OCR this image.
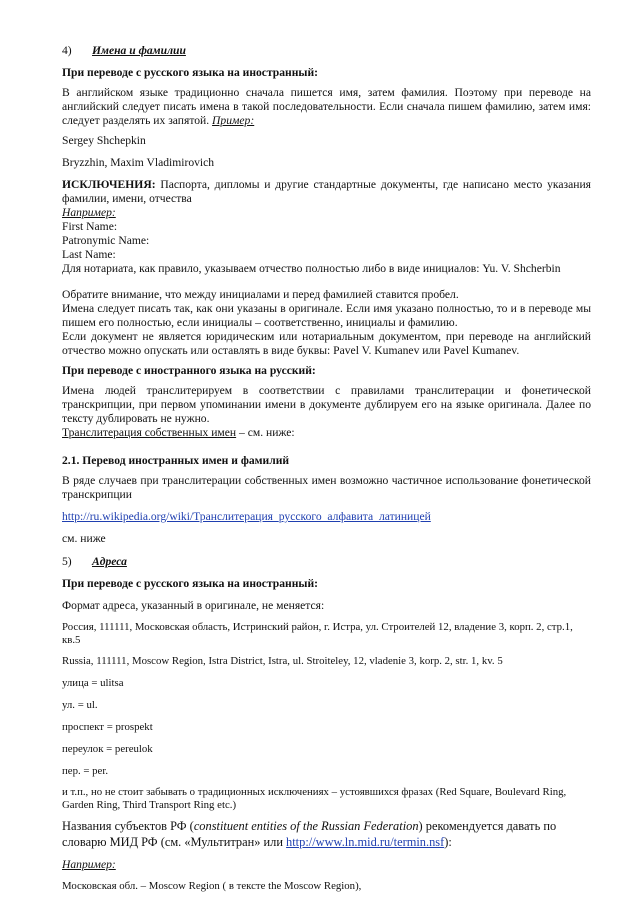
4) Имена и фамилии

При переводе с русского языка на иностранный:

В английском языке традиционно сначала пишется имя, затем фамилия. Поэтому при переводе на английский следует писать имена в такой последовательности. Если сначала пишем фамилию, затем имя: следует разделять их запятой. Пример:

Sergey Shchepkin

Bryzzhin, Maxim Vladimirovich

ИСКЛЮЧЕНИЯ: Паспорта, дипломы и другие стандартные документы, где написано место указания фамилии, имени, отчества

Например:

First Name:

Patronymic Name:

Last Name:

Для нотариата, как правило, указываем отчество полностью либо в виде инициалов: Yu. V. Shcherbin

Обратите внимание, что между инициалами и перед фамилией ставится пробел.

Имена следует писать так, как они указаны в оригинале. Если имя указано полностью, то и в переводе мы пишем его полностью, если инициалы – соответственно, инициалы и фамилию.

Если документ не является юридическим или нотариальным документом, при переводе на английский отчество можно опускать или оставлять в виде буквы: Pavel V. Kumanev или Pavel Kumanev.

При переводе с иностранного языка на русский:

Имена людей транслитерируем в соответствии с правилами транслитерации и фонетической транскрипции, при первом упоминании имени в документе дублируем его на языке оригинала. Далее по тексту дублировать не нужно.

Транслитерация собственных имен – см. ниже:

2.1. Перевод иностранных имен и фамилий

В ряде случаев при транслитерации собственных имен возможно частичное использование фонетической транскрипции

http://ru.wikipedia.org/wiki/Транслитерация_русского_алфавита_латиницей

см. ниже

5) Адреса

При переводе с русского языка на иностранный:

Формат адреса, указанный в оригинале, не меняется:

Россия, 111111, Московская область, Истринский район, г. Истра, ул. Строителей 12, владение 3, корп. 2, стр.1, кв.5

Russia, 111111, Moscow Region, Istra District, Istra, ul. Stroiteley, 12, vladenie 3, korp. 2, str. 1, kv. 5

улица = ulitsa

ул. = ul.

проспект = prospekt

переулок = pereulok

пер. = per.

и т.п., но не стоит забывать о традиционных исключениях – устоявшихся фразах (Red Square, Boulevard Ring, Garden Ring, Third Transport Ring etc.)

Названия субъектов РФ (constituent entities of the Russian Federation) рекомендуется давать по словарю МИД РФ (см. «Мультитран» или http://www.ln.mid.ru/termin.nsf):

Например:

Московская обл. – Moscow Region ( в тексте the Moscow Region),
